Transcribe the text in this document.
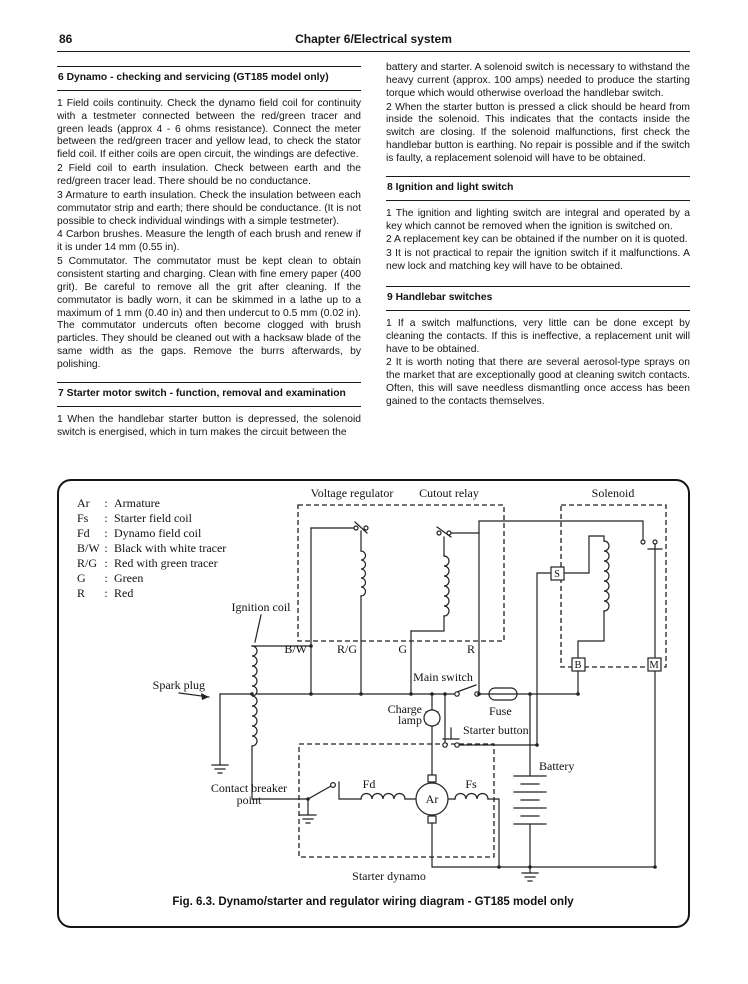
86	Chapter 6/Electrical system
6 Dynamo - checking and servicing (GT185 model only)

1 Field coils continuity. Check the dynamo field coil for continuity with a testmeter connected between the red/green tracer and green leads (approx 4 - 6 ohms resistance). Connect the meter between the red/green tracer and yellow lead, to check the stator field coil. If either coils are open circuit, the windings are defective.

2 Field coil to earth insulation. Check between earth and the red/green tracer lead. There should be no conductance.

3 Armature to earth insulation. Check the insulation between each commutator strip and earth; there should be conductance. (It is not possible to check individual windings with a simple testmeter).

4 Carbon brushes. Measure the length of each brush and renew if it is under 14 mm (0.55 in).

5 Commutator. The commutator must be kept clean to obtain consistent starting and charging. Clean with fine emery paper (400 grit). Be careful to remove all the grit after cleaning. If the commutator is badly worn, it can be skimmed in a lathe up to a maximum of 1 mm (0.40 in) and then undercut to 0.5 mm (0.02 in). The commutator undercuts often become clogged with brush particles. They should be cleaned out with a hacksaw blade of the same width as the gaps. Remove the burrs afterwards, by polishing.

7 Starter motor switch - function, removal and examination

1 When the handlebar starter button is depressed, the solenoid switch is energised, which in turn makes the circuit between the

battery and starter. A solenoid switch is necessary to withstand the heavy current (approx. 100 amps) needed to produce the starting torque which would otherwise overload the handlebar switch.

2 When the starter button is pressed a click should be heard from inside the solenoid. This indicates that the contacts inside the switch are closing. If the solenoid malfunctions, first check the handlebar button is earthing. No repair is possible and if the switch is faulty, a replacement solenoid will have to be obtained.

8 Ignition and light switch

1 The ignition and lighting switch are integral and operated by a key which cannot be removed when the ignition is switched on.

2 A replacement key can be obtained if the number on it is quoted.

3 It is not practical to repair the ignition switch if it malfunctions. A new lock and matching key will have to be obtained.

9 Handlebar switches

1 If a switch malfunctions, very little can be done except by cleaning the contacts. If this is ineffective, a replacement unit will have to be obtained.

2 It is worth noting that there are several aerosol-type sprays on the market that are exceptionally good at cleaning switch contacts. Often, this will save needless dismantling once access has been gained to the contacts themselves.

Ar : Armature
Fs : Starter field coil
Fd : Dynamo field coil
B/W : Black with white tracer
R/G : Red with green tracer
G : Green
R : Red
Voltage regulator Cutout relay	Solenoid
S
B	M
B/W R/G	G	R
Ignition coil
Spark plug
Main switch
Charge
lamp
Fuse
Starter button
Battery
Contact breaker
point
Fd
Ar
Fs
Starter dynamo
Fig. 6.3. Dynamo/starter and regulator wiring diagram - GT185 model only
